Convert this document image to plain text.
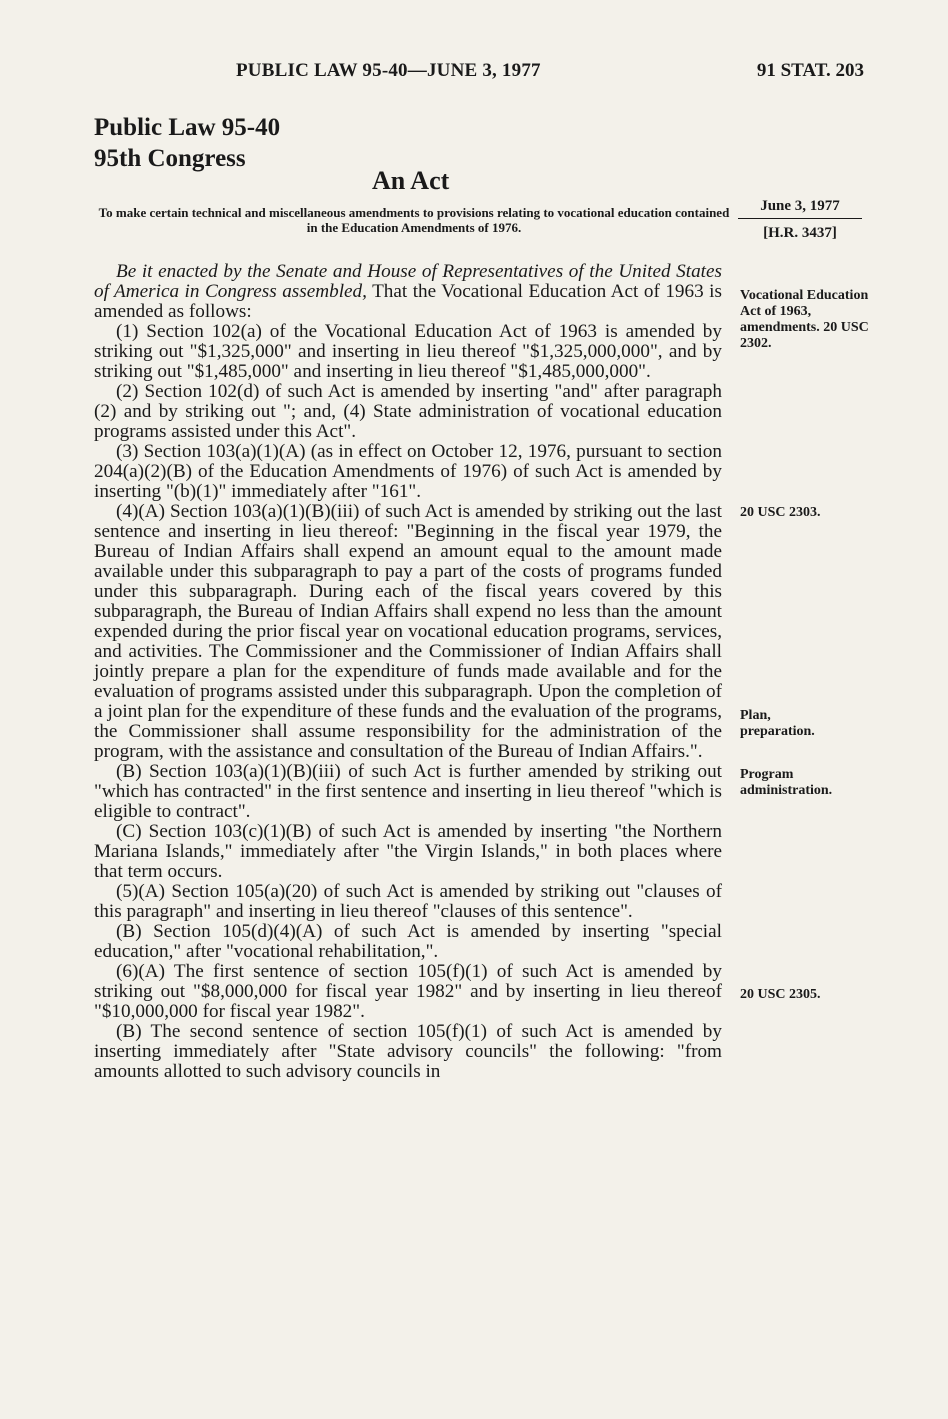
PUBLIC LAW 95-40—JUNE 3, 1977	91 STAT. 203
Public Law 95-40
95th Congress
An Act
To make certain technical and miscellaneous amendments to provisions relating to vocational education contained in the Education Amendments of 1976.
June 3, 1977
[H.R. 3437]

Be it enacted by the Senate and House of Representatives of the United States of America in Congress assembled, That the Vocational Education Act of 1963 is amended as follows:

(1) Section 102(a) of the Vocational Education Act of 1963 is amended by striking out "$1,325,000" and inserting in lieu thereof "$1,325,000,000", and by striking out "$1,485,000" and inserting in lieu thereof "$1,485,000,000".

(2) Section 102(d) of such Act is amended by inserting "and" after paragraph (2) and by striking out "; and, (4) State administration of vocational education programs assisted under this Act".

(3) Section 103(a)(1)(A) (as in effect on October 12, 1976, pursuant to section 204(a)(2)(B) of the Education Amendments of 1976) of such Act is amended by inserting "(b)(1)" immediately after "161".

(4)(A) Section 103(a)(1)(B)(iii) of such Act is amended by striking out the last sentence and inserting in lieu thereof: "Beginning in the fiscal year 1979, the Bureau of Indian Affairs shall expend an amount equal to the amount made available under this subparagraph to pay a part of the costs of programs funded under this subparagraph. During each of the fiscal years covered by this subparagraph, the Bureau of Indian Affairs shall expend no less than the amount expended during the prior fiscal year on vocational education programs, services, and activities. The Commissioner and the Commissioner of Indian Affairs shall jointly prepare a plan for the expenditure of funds made available and for the evaluation of programs assisted under this subparagraph. Upon the completion of a joint plan for the expenditure of these funds and the evaluation of the programs, the Commissioner shall assume responsibility for the administration of the program, with the assistance and consultation of the Bureau of Indian Affairs.".

(B) Section 103(a)(1)(B)(iii) of such Act is further amended by striking out "which has contracted" in the first sentence and inserting in lieu thereof "which is eligible to contract".

(C) Section 103(c)(1)(B) of such Act is amended by inserting "the Northern Mariana Islands," immediately after "the Virgin Islands," in both places where that term occurs.

(5)(A) Section 105(a)(20) of such Act is amended by striking out "clauses of this paragraph" and inserting in lieu thereof "clauses of this sentence".

(B) Section 105(d)(4)(A) of such Act is amended by inserting "special education," after "vocational rehabilitation,".

(6)(A) The first sentence of section 105(f)(1) of such Act is amended by striking out "$8,000,000 for fiscal year 1982" and by inserting in lieu thereof "$10,000,000 for fiscal year 1982".

(B) The second sentence of section 105(f)(1) of such Act is amended by inserting immediately after "State advisory councils" the following: "from amounts allotted to such advisory councils in

Vocational Education Act of 1963, amendments. 20 USC 2302.
20 USC 2303.
Plan, preparation.
Program administration.
20 USC 2305.
